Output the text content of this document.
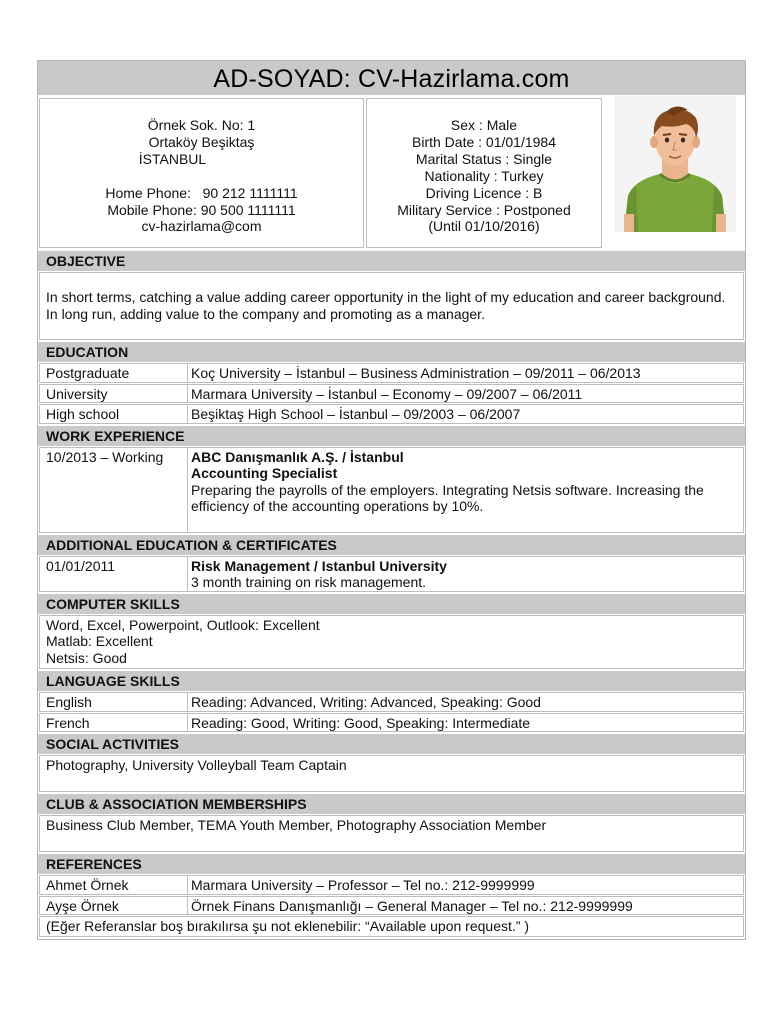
AD-SOYAD: CV-Hazirlama.com
Örnek Sok. No: 1
Ortaköy Beşiktaş
İSTANBUL
Home Phone:   90 212 1111111
Mobile Phone: 90 500 1111111
cv-hazirlama@com
Sex : Male
Birth Date : 01/01/1984
Marital Status : Single
Nationality : Turkey
Driving Licence : B
Military Service : Postponed
(Until 01/10/2016)
OBJECTIVE
In short terms, catching a value adding career opportunity in the light of my education and career background. In long run, adding value to the company and promoting as a manager.
EDUCATION
Postgraduate	Koç University – İstanbul – Business Administration – 09/2011 – 06/2013
University	Marmara University – İstanbul – Economy – 09/2007 – 06/2011
High school	Beşiktaş High School – İstanbul – 09/2003 – 06/2007
WORK EXPERIENCE
10/2013 – Working	ABC Danışmanlık A.Ş. / İstanbul
Accounting Specialist
Preparing the payrolls of the employers. Integrating Netsis software. Increasing the efficiency of the accounting operations by 10%.
ADDITIONAL EDUCATION & CERTIFICATES
01/01/2011	Risk Management / Istanbul University
3 month training on risk management.
COMPUTER SKILLS
Word, Excel, Powerpoint, Outlook: Excellent
Matlab: Excellent
Netsis: Good
LANGUAGE SKILLS
English	Reading: Advanced, Writing: Advanced, Speaking: Good
French	Reading: Good, Writing: Good, Speaking: Intermediate
SOCIAL ACTIVITIES
Photography, University Volleyball Team Captain
CLUB & ASSOCIATION MEMBERSHIPS
Business Club Member, TEMA Youth Member, Photography Association Member
REFERENCES
Ahmet Örnek	Marmara University – Professor – Tel no.: 212-9999999
Ayşe Örnek	Örnek Finans Danışmanlığı – General Manager – Tel no.: 212-9999999
(Eğer Referanslar boş bırakılırsa şu not eklenebilir: “Available upon request.” )
